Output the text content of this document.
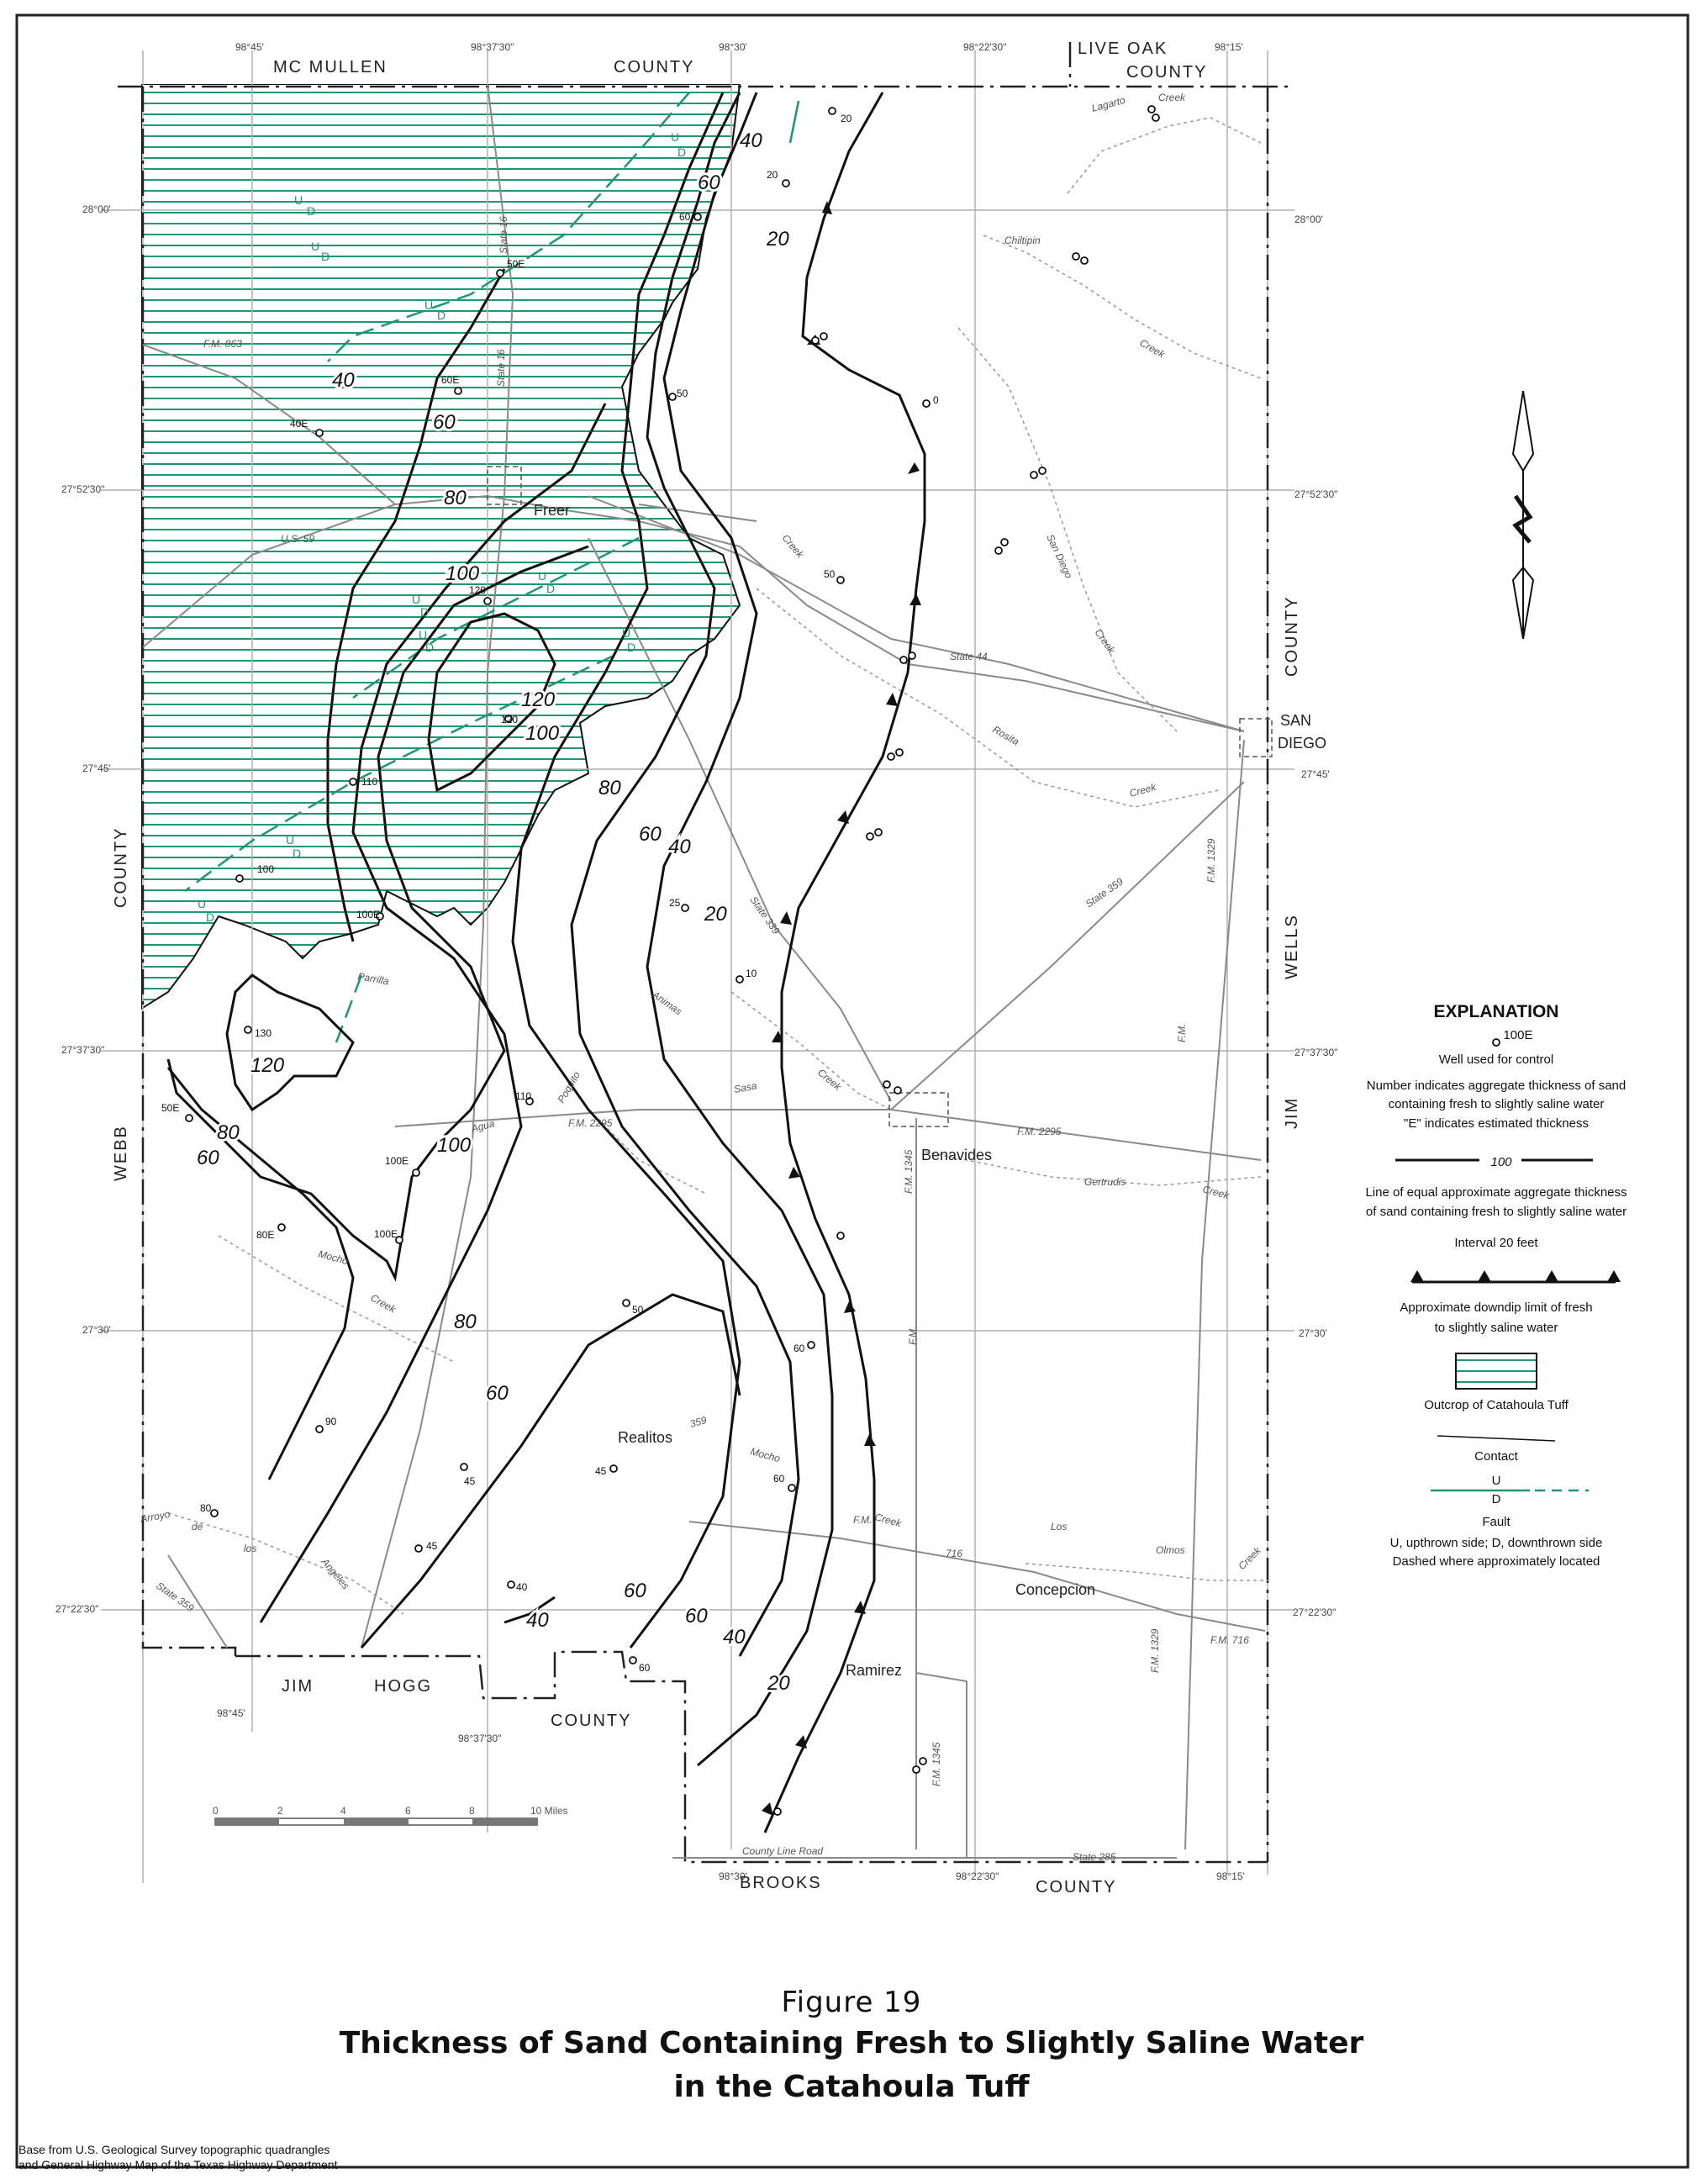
20
20
60
50E
60E
40E
50
50
120
120
110
100
100E
25
10
130
50E
110
100E
100E
80E
50
60
90
45
45
60
80
45
40
60
0
40
20
60
40
60
80
100
120
100
80
60
40
20
120
80
60
100
80
60
60
60
40
20
40
U
D
U
D
U
D
U
D
U
D
U
D
U
D
U
D
U
D
U
D
98°45'	98°37'30"	98°30'	98°22'30"	98°15'
98°45'
98°37'30"
98°30'	98°22'30"	98°15'
28°00'
27°52'30"
27°45'
27°37'30"
27°30'
27°22'30"
28°00'
27°52'30"
27°45'
27°37'30"
27°30'
27°22'30"
MC MULLEN	COUNTY
LIVE OAK
COUNTY
COUNTY
WEBB
COUNTY
WELLS
JIM
JIM	HOGG
COUNTY
BROOKS	COUNTY
Freer
SAN
DIEGO
Benavides
Realitos
Concepcion
Ramirez
Lagarto	Creek
Chiltipin
Creek
San Diego
Creek
Rosita
Creek
Gertrudis
Creek
Los
Olmos	Creek
Mocho
Creek
Mocho
Agua
Poquito
Parrilla
Arroyo
de
los
Angeles
Animas
Creek
Sasa
County Line Road
Creek
Creek
U.S. 59
F.M. 863
State 16
State 16
State 44
State 339
State 359
State 359
359
F.M. 2295
F.M. 2295
F.M. 1345
F.M. 1345
F.M. 1329
F.M. 1329
716
F.M. 716
State 285
F.M.
F.M.
F.M.
0	2	4	6	8	10 Miles
EXPLANATION
100E
Well used for control
Number indicates aggregate thickness of sand
containing fresh to slightly saline water
"E" indicates estimated thickness
100
Line of equal approximate aggregate thickness
of sand containing fresh to slightly saline water
Interval 20 feet
Approximate downdip limit of fresh
to slightly saline water
Outcrop of Catahoula Tuff
Contact
U
D
Fault
U, upthrown side; D, downthrown side
Dashed where approximately located
Figure 19
Thickness of Sand Containing Fresh to Slightly Saline Water
in the Catahoula Tuff
Base from U.S. Geological Survey topographic quadrangles
and General Highway Map of the Texas Highway Department
